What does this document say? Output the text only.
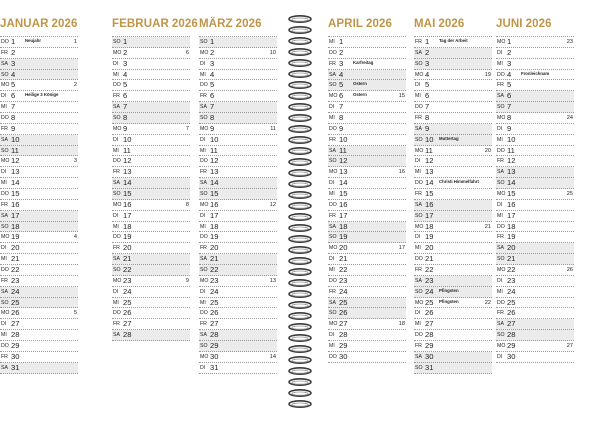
JANUAR 2026
DO 1 Neujahr	1
FR 2
SA 3
SO 4
MO 5	2
DI 6 Heilige 3 Könige
MI 7
DO 8
FR 9
SA 10
SO 11
MO 12	3
DI 13
MI 14
DO 15
FR 16
SA 17
SO 18
MO 19	4
DI 20
MI 21
DO 22
FR 23
SA 24
SO 25
MO 26	5
DI 27
MI 28
DO 29
FR 30
SA 31
FEBRUAR 2026
SO 1
MO 2	6
DI 3
MI 4
DO 5
FR 6
SA 7
SO 8
MO 9	7
DI 10
MI 11
DO 12
FR 13
SA 14
SO 15
MO 16	8
DI 17
MI 18
DO 19
FR 20
SA 21
SO 22
MO 23	9
DI 24
MI 25
DO 26
FR 27
SA 28
MÄRZ 2026
SO 1
MO 2	10
DI 3
MI 4
DO 5
FR 6
SA 7
SO 8
MO 9	11
DI 10
MI 11
DO 12
FR 13
SA 14
SO 15
MO 16	12
DI 17
MI 18
DO 19
FR 20
SA 21
SO 22
MO 23	13
DI 24
MI 25
DO 26
FR 27
SA 28
SO 29
MO 30	14
DI 31
APRIL 2026
MI 1
DO 2
FR 3 Karfreitag
SA 4
SO 5 Ostern
MO 6 Ostern	15
DI 7
MI 8
DO 9
FR 10
SA 11
SO 12
MO 13	16
DI 14
MI 15
DO 16
FR 17
SA 18
SO 19
MO 20	17
DI 21
MI 22
DO 23
FR 24
SA 25
SO 26
MO 27	18
DI 28
MI 29
DO 30
MAI 2026
FR 1 Tag der Arbeit
SA 2
SO 3
MO 4	19
DI 5
MI 6
DO 7
FR 8
SA 9
SO 10 Muttertag
MO 11	20
DI 12
MI 13
DO 14 Christi Himmelfahrt
FR 15
SA 16
SO 17
MO 18	21
DI 19
MI 20
DO 21
FR 22
SA 23
SO 24 Pfingsten
MO 25 Pfingsten	22
DI 26
MI 27
DO 28
FR 29
SA 30
SO 31
JUNI 2026
MO 1	23
DI 2
MI 3
DO 4 Fronleichnam
FR 5
SA 6
SO 7
MO 8	24
DI 9
MI 10
DO 11
FR 12
SA 13
SO 14
MO 15	25
DI 16
MI 17
DO 18
FR 19
SA 20
SO 21
MO 22	26
DI 23
MI 24
DO 25
FR 26
SA 27
SO 28
MO 29	27
DI 30
